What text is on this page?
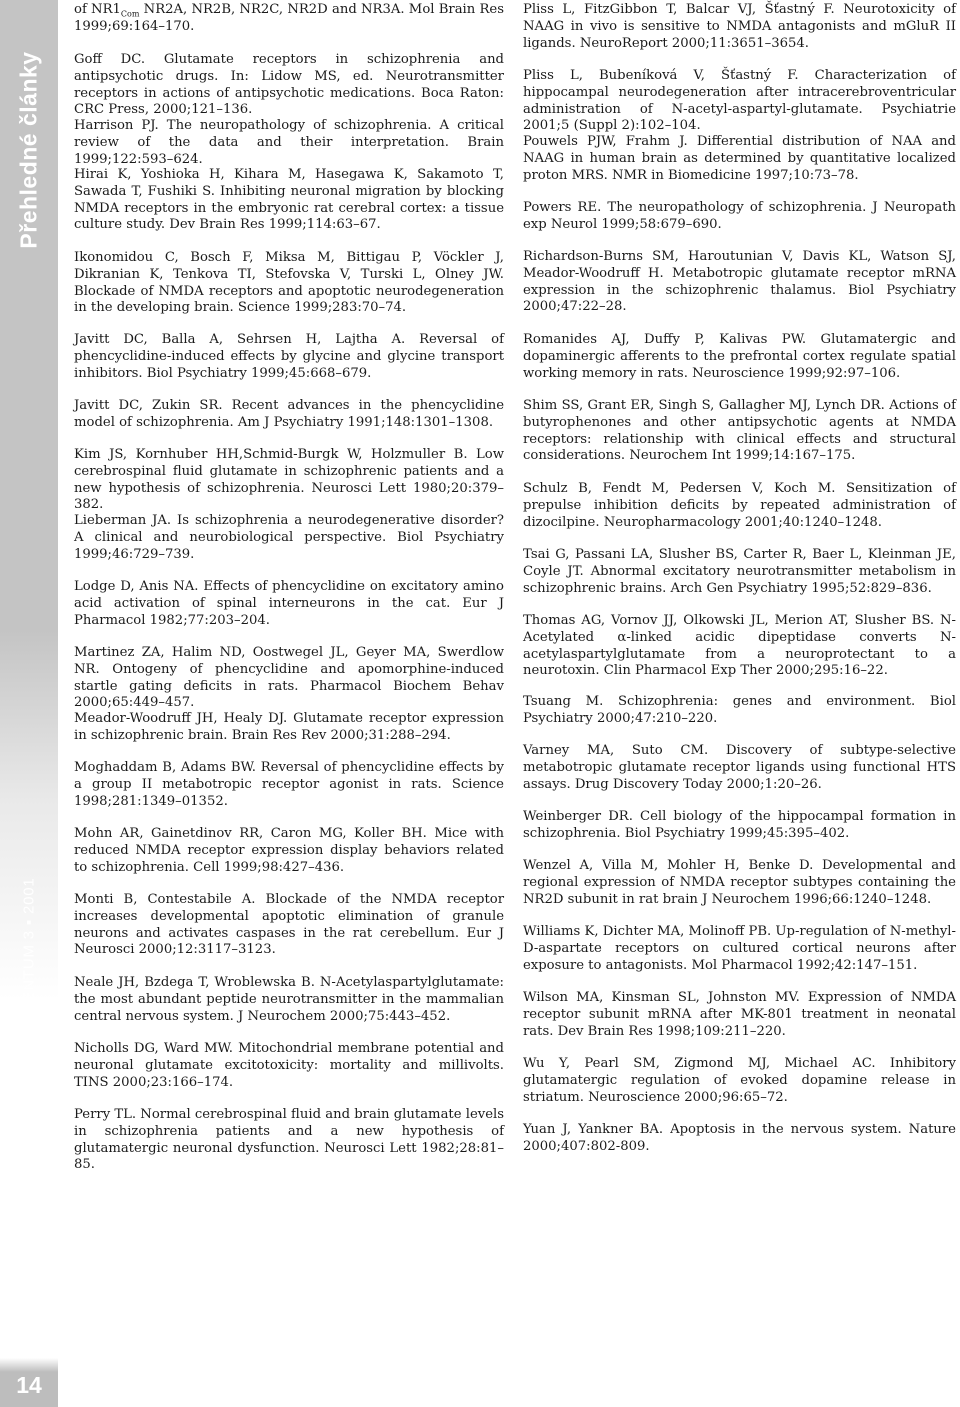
Přehledné články
PSYCHIATRIE ▪ SUPPLEMENTUM 3 ▪ 2001
14

of $NR1_{Com}$ NR2A, NR2B, NR2C, NR2D and NR3A. Mol Brain Res 1999;69:164–170.

Goff DC. Glutamate receptors in schizophrenia and antipsychotic drugs. In: Lidow MS, ed. Neurotransmitter receptors in actions of antipsychotic medications. Boca Raton: CRC Press, 2000;121–136.

Harrison PJ. The neuropathology of schizophrenia. A critical review of the data and their interpretation. Brain 1999;122:593–624.

Hirai K, Yoshioka H, Kihara M, Hasegawa K, Sakamoto T, Sawada T, Fushiki S. Inhibiting neuronal migration by blocking NMDA receptors in the embryonic rat cerebral cortex: a tissue culture study. Dev Brain Res 1999;114:63–67.

Ikonomidou C, Bosch F, Miksa M, Bittigau P, Vöckler J, Dikranian K, Tenkova TI, Stefovska V, Turski L, Olney JW. Blockade of NMDA receptors and apoptotic neurodegeneration in the developing brain. Science 1999;283:70–74.

Javitt DC, Balla A, Sehrsen H, Lajtha A. Reversal of phencyclidine-induced effects by glycine and glycine transport inhibitors. Biol Psychiatry 1999;45:668–679.

Javitt DC, Zukin SR. Recent advances in the phencyclidine model of schizophrenia. Am J Psychiatry 1991;148:1301–1308.

Kim JS, Kornhuber HH,Schmid-Burgk W, Holzmuller B. Low cerebrospinal fluid glutamate in schizophrenic patients and a new hypothesis of schizophrenia. Neurosci Lett 1980;20:379–382.

Lieberman JA. Is schizophrenia a neurodegenerative disorder? A clinical and neurobiological perspective. Biol Psychiatry 1999;46:729–739.

Lodge D, Anis NA. Effects of phencyclidine on excitatory amino acid activation of spinal interneurons in the cat. Eur J Pharmacol 1982;77:203–204.

Martinez ZA, Halim ND, Oostwegel JL, Geyer MA, Swerdlow NR. Ontogeny of phencyclidine and apomorphine-induced startle gating deficits in rats. Pharmacol Biochem Behav 2000;65:449–457.

Meador-Woodruff JH, Healy DJ. Glutamate receptor expression in schizophrenic brain. Brain Res Rev 2000;31:288–294.

Moghaddam B, Adams BW. Reversal of phencyclidine effects by a group II metabotropic receptor agonist in rats. Science 1998;281:1349–01352.

Mohn AR, Gainetdinov RR, Caron MG, Koller BH. Mice with reduced NMDA receptor expression display behaviors related to schizophrenia. Cell 1999;98:427–436.

Monti B, Contestabile A. Blockade of the NMDA receptor increases developmental apoptotic elimination of granule neurons and activates caspases in the rat cerebellum. Eur J Neurosci 2000;12:3117–3123.

Neale JH, Bzdega T, Wroblewska B. N-Acetylaspartylglutamate: the most abundant peptide neurotransmitter in the mammalian central nervous system. J Neurochem 2000;75:443–452.

Nicholls DG, Ward MW. Mitochondrial membrane potential and neuronal glutamate excitotoxicity: mortality and millivolts. TINS 2000;23:166–174.

Perry TL. Normal cerebrospinal fluid and brain glutamate levels in schizophrenia patients and a new hypothesis of glutamatergic neuronal dysfunction. Neurosci Lett 1982;28:81–85.

Pliss L, FitzGibbon T, Balcar VJ, Šťastný F. Neurotoxicity of NAAG in vivo is sensitive to NMDA antagonists and mGluR II ligands. NeuroReport 2000;11:3651–3654.

Pliss L, Bubeníková V, Šťastný F. Characterization of hippocampal neurodegeneration after intracerebroventricular administration of N-acetyl-aspartyl-glutamate. Psychiatrie 2001;5 (Suppl 2):102–104.

Pouwels PJW, Frahm J. Differential distribution of NAA and NAAG in human brain as determined by quantitative localized proton MRS. NMR in Biomedicine 1997;10:73–78.

Powers RE. The neuropathology of schizophrenia. J Neuropath exp Neurol 1999;58:679–690.

Richardson-Burns SM, Haroutunian V, Davis KL, Watson SJ, Meador-Woodruff H. Metabotropic glutamate receptor mRNA expression in the schizophrenic thalamus. Biol Psychiatry 2000;47:22–28.

Romanides AJ, Duffy P, Kalivas PW. Glutamatergic and dopaminergic afferents to the prefrontal cortex regulate spatial working memory in rats. Neuroscience 1999;92:97–106.

Shim SS, Grant ER, Singh S, Gallagher MJ, Lynch DR. Actions of butyrophenones and other antipsychotic agents at NMDA receptors: relationship with clinical effects and structural considerations. Neurochem Int 1999;14:167–175.

Schulz B, Fendt M, Pedersen V, Koch M. Sensitization of prepulse inhibition deficits by repeated administration of dizocilpine. Neuropharmacology 2001;40:1240–1248.

Tsai G, Passani LA, Slusher BS, Carter R, Baer L, Kleinman JE, Coyle JT. Abnormal excitatory neurotransmitter metabolism in schizophrenic brains. Arch Gen Psychiatry 1995;52:829–836.

Thomas AG, Vornov JJ, Olkowski JL, Merion AT, Slusher BS. N-Acetylated α-linked acidic dipeptidase converts N-acetylaspartylglutamate from a neuroprotectant to a neurotoxin. Clin Pharmacol Exp Ther 2000;295:16–22.

Tsuang M. Schizophrenia: genes and environment. Biol Psychiatry 2000;47:210–220.

Varney MA, Suto CM. Discovery of subtype-selective metabotropic glutamate receptor ligands using functional HTS assays. Drug Discovery Today 2000;1:20–26.

Weinberger DR. Cell biology of the hippocampal formation in schizophrenia. Biol Psychiatry 1999;45:395–402.

Wenzel A, Villa M, Mohler H, Benke D. Developmental and regional expression of NMDA receptor subtypes containing the NR2D subunit in rat brain J Neurochem 1996;66:1240–1248.

Williams K, Dichter MA, Molinoff PB. Up-regulation of N-methyl-D-aspartate receptors on cultured cortical neurons after exposure to antagonists. Mol Pharmacol 1992;42:147–151.

Wilson MA, Kinsman SL, Johnston MV. Expression of NMDA receptor subunit mRNA after MK-801 treatment in neonatal rats. Dev Brain Res 1998;109:211–220.

Wu Y, Pearl SM, Zigmond MJ, Michael AC. Inhibitory glutamatergic regulation of evoked dopamine release in striatum. Neuroscience 2000;96:65–72.

Yuan J, Yankner BA. Apoptosis in the nervous system. Nature 2000;407:802-809.
